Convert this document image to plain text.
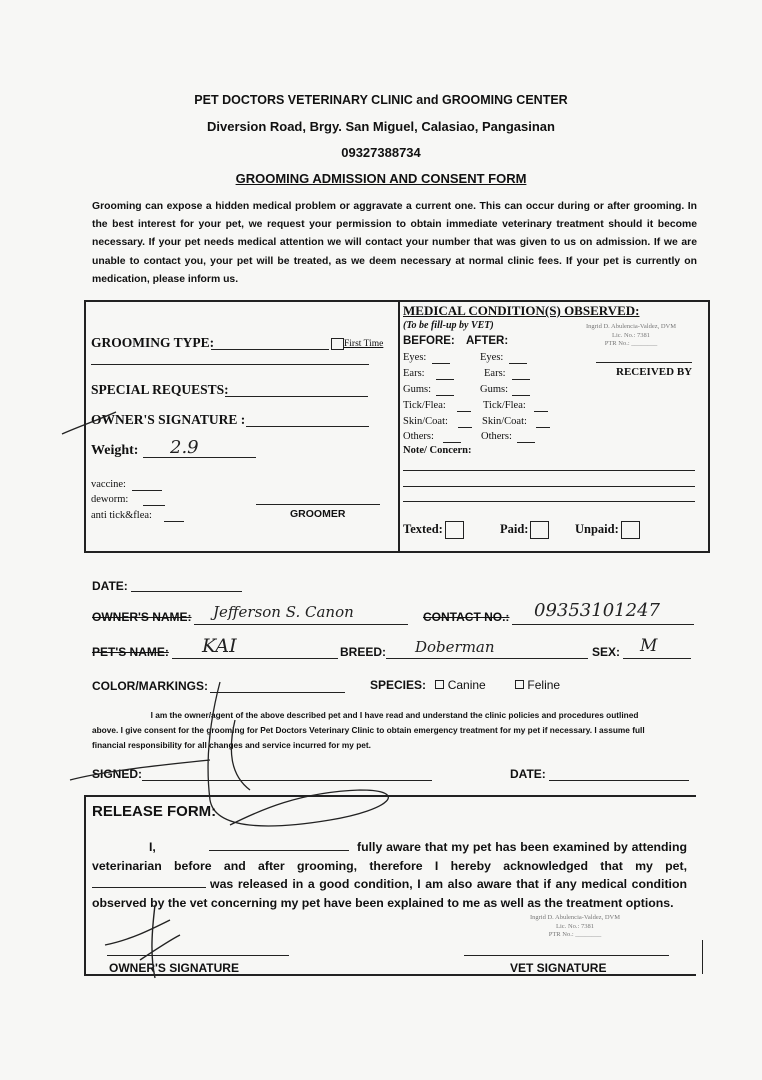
PET DOCTORS VETERINARY CLINIC and GROOMING CENTER
Diversion Road, Brgy. San Miguel, Calasiao, Pangasinan
09327388734
GROOMING ADMISSION AND CONSENT FORM
Grooming can expose a hidden medical problem or aggravate a current one. This can occur during or after grooming. In the best interest for your pet, we request your permission to obtain immediate veterinary treatment should it become necessary. If your pet needs medical attention we will contact your number that was given to us on admission. If we are unable to contact you, your pet will be treated, as we deem necessary at normal clinic fees. If your pet is currently on medication, please inform us.
GROOMING TYPE:	First Time
SPECIAL REQUESTS:
OWNER'S SIGNATURE :
Weight: 2.9
vaccine:
deworm:
anti tick&flea:	GROOMER
MEDICAL CONDITION(S) OBSERVED:
(To be fill-up by VET)
BEFORE: AFTER:
Eyes:	Eyes:
Ears:	Ears:
Gums:	Gums:
Tick/Flea:	Tick/Flea:
Skin/Coat:	Skin/Coat:
Others:	Others:
Note/ Concern:
Ingrid D. Abulencia-Valdez, DVM
Lic. No.: 7381
PTR No.: ________
RECEIVED BY
Texted:	Paid:	Unpaid:
DATE:
OWNER'S NAME: Jefferson S. Canon	CONTACT NO.: 09353101247
PET'S NAME: KAI	BREED: Doberman	SEX: M
COLOR/MARKINGS:	SPECIES: Canine	Feline
I am the owner/agent of the above described pet and I have read and understand the clinic policies and procedures outlined
above. I give consent for the grooming for Pet Doctors Veterinary Clinic to obtain emergency treatment for my pet if necessary. I assume full
financial responsibility for all changes and service incurred for my pet.
SIGNED:	DATE:
RELEASE FORM:
I,	fully aware that my pet has been examined by attending veterinarian before and after grooming, therefore I hereby acknowledged that my pet, was released in a good condition, I am also aware that if any medical condition observed by the vet concerning my pet have been explained to me as well as the treatment options.
OWNER'S SIGNATURE
Ingrid D. Abulencia-Valdez, DVM
Lic. No.: 7381
PTR No.: ________
VET SIGNATURE
